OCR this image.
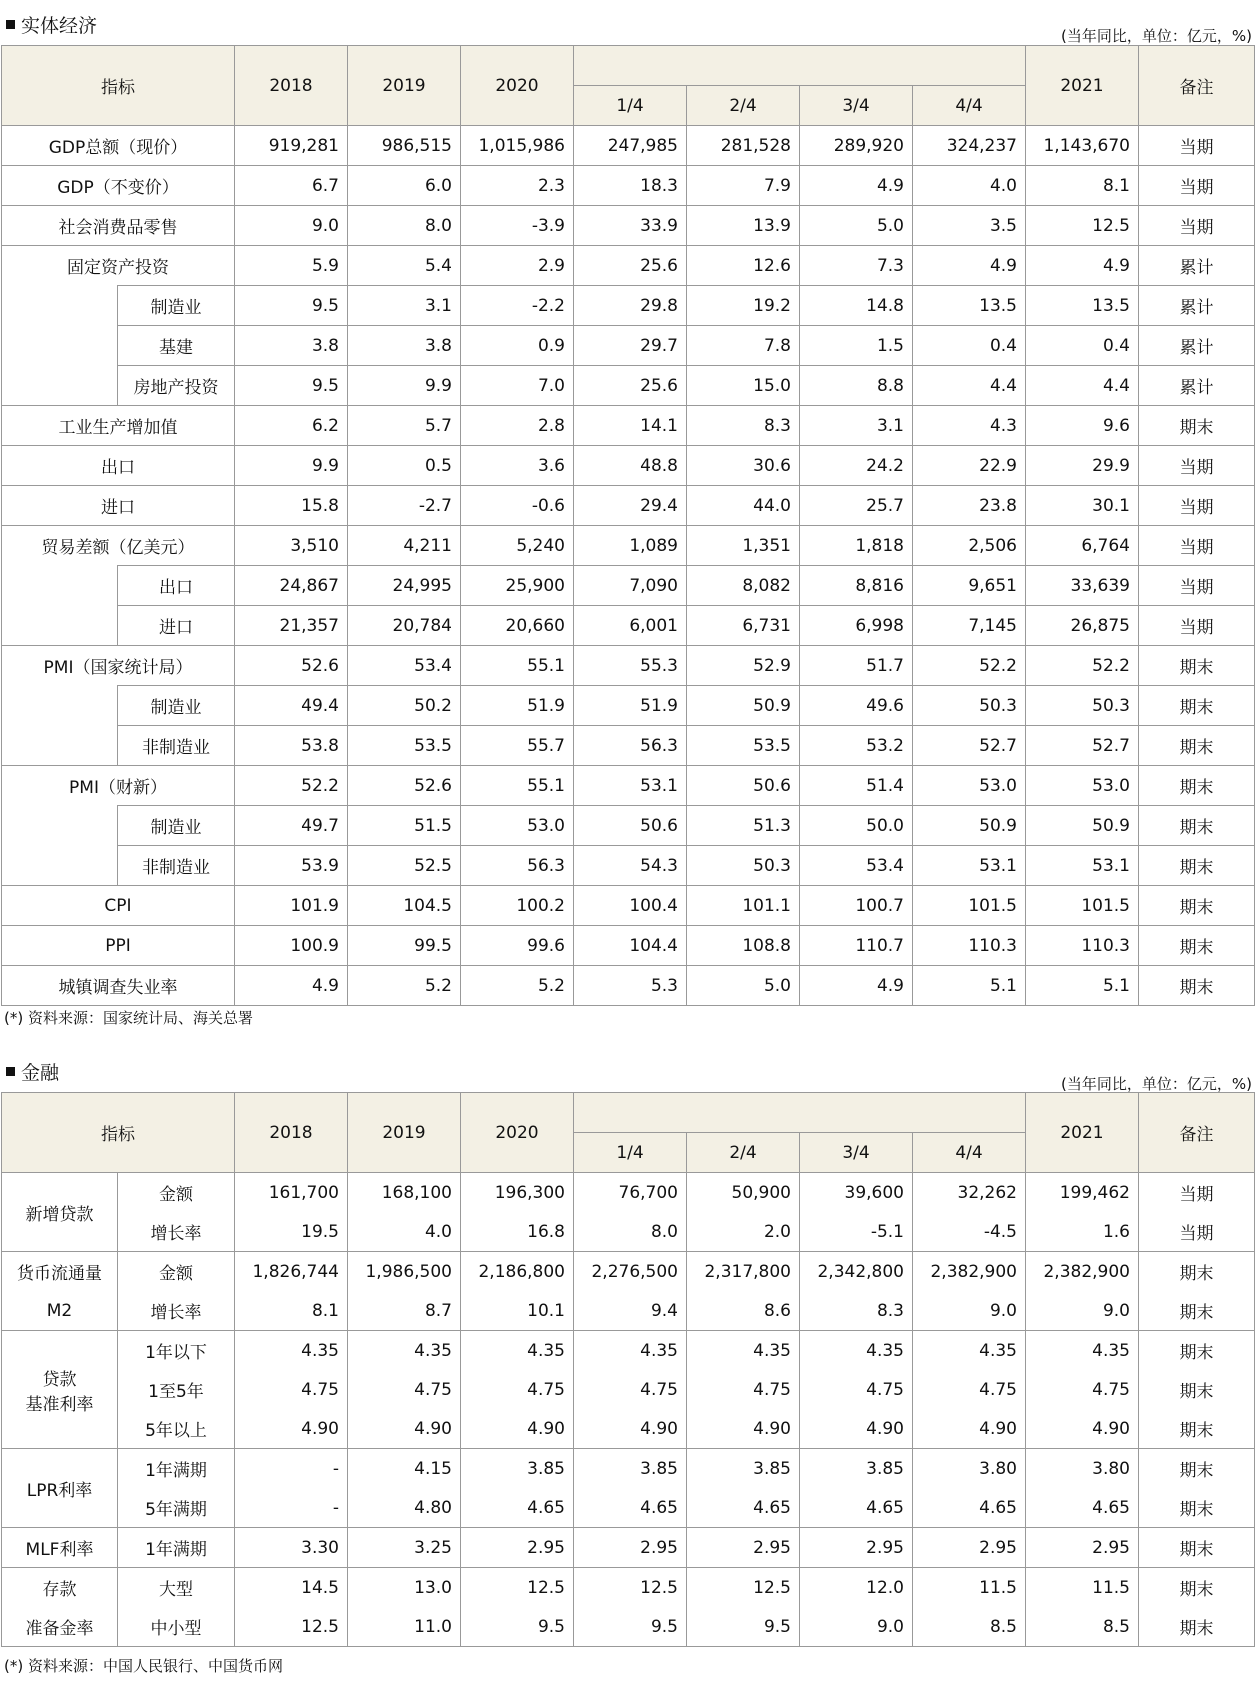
实体经济	(当年同比，单位：亿元，%)
指标		2018	2019	2020					2021	备注
					1/4	2/4	3/4	4/4		
GDP总额（现价）		919,281	986,515	1,015,986	247,985	281,528	289,920	324,237	1,143,670	当期
GDP（不变价）		6.7	6.0	2.3	18.3	7.9	4.9	4.0	8.1	当期
社会消费品零售		9.0	8.0	-3.9	33.9	13.9	5.0	3.5	12.5	当期
固定资产投资		5.9	5.4	2.9	25.6	12.6	7.3	4.9	4.9	累计
	制造业	9.5	3.1	-2.2	29.8	19.2	14.8	13.5	13.5	累计
	基建	3.8	3.8	0.9	29.7	7.8	1.5	0.4	0.4	累计
	房地产投资	9.5	9.9	7.0	25.6	15.0	8.8	4.4	4.4	累计
工业生产增加值		6.2	5.7	2.8	14.1	8.3	3.1	4.3	9.6	期末
出口		9.9	0.5	3.6	48.8	30.6	24.2	22.9	29.9	当期
进口		15.8	-2.7	-0.6	29.4	44.0	25.7	23.8	30.1	当期
贸易差额（亿美元）		3,510	4,211	5,240	1,089	1,351	1,818	2,506	6,764	当期
	出口	24,867	24,995	25,900	7,090	8,082	8,816	9,651	33,639	当期
	进口	21,357	20,784	20,660	6,001	6,731	6,998	7,145	26,875	当期
PMI（国家统计局）		52.6	53.4	55.1	55.3	52.9	51.7	52.2	52.2	期末
	制造业	49.4	50.2	51.9	51.9	50.9	49.6	50.3	50.3	期末
	非制造业	53.8	53.5	55.7	56.3	53.5	53.2	52.7	52.7	期末
PMI（财新）		52.2	52.6	55.1	53.1	50.6	51.4	53.0	53.0	期末
	制造业	49.7	51.5	53.0	50.6	51.3	50.0	50.9	50.9	期末
	非制造业	53.9	52.5	56.3	54.3	50.3	53.4	53.1	53.1	期末
CPI		101.9	104.5	100.2	100.4	101.1	100.7	101.5	101.5	期末
PPI		100.9	99.5	99.6	104.4	108.8	110.7	110.3	110.3	期末
城镇调查失业率		4.9	5.2	5.2	5.3	5.0	4.9	5.1	5.1	期末
(*) 资料来源：国家统计局、海关总署
金融	(当年同比，单位：亿元，%)
指标		2018	2019	2020					2021	备注
					1/4	2/4	3/4	4/4		
新增贷款	金额	161,700	168,100	196,300	76,700	50,900	39,600	32,262	199,462	当期
	增长率	19.5	4.0	16.8	8.0	2.0	-5.1	-4.5	1.6	当期
货币流通量	金额	1,826,744	1,986,500	2,186,800	2,276,500	2,317,800	2,342,800	2,382,900	2,382,900	期末
M2	增长率	8.1	8.7	10.1	9.4	8.6	8.3	9.0	9.0	期末

贷款
基准利率	1年以下	4.35	4.35	4.35	4.35	4.35	4.35	4.35	4.35	期末
	1至5年	4.75	4.75	4.75	4.75	4.75	4.75	4.75	4.75	期末
	5年以上	4.90	4.90	4.90	4.90	4.90	4.90	4.90	4.90	期末
LPR利率	1年满期	-	4.15	3.85	3.85	3.85	3.85	3.80	3.80	期末
	5年满期	-	4.80	4.65	4.65	4.65	4.65	4.65	4.65	期末
MLF利率	1年满期	3.30	3.25	2.95	2.95	2.95	2.95	2.95	2.95	期末
存款	大型	14.5	13.0	12.5	12.5	12.5	12.0	11.5	11.5	期末
准备金率	中小型	12.5	11.0	9.5	9.5	9.5	9.0	8.5	8.5	期末
(*) 资料来源：中国人民银行、中国货币网
